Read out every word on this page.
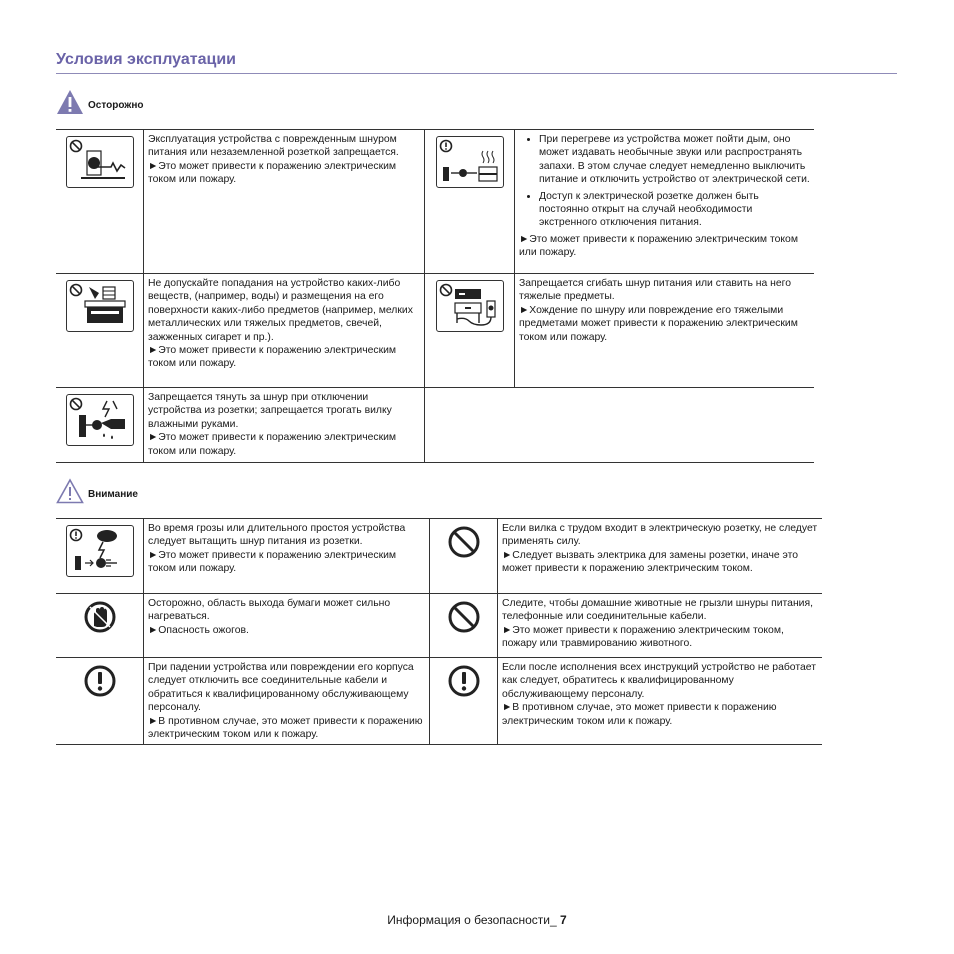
Условия эксплуатации
Осторожно

Эксплуатация устройства с поврежденным шнуром питания или незаземленной розеткой запрещается.
►Это может привести к поражению электрическим током или пожару.

• При перегреве из устройства может пойти дым, оно может издавать необычные звуки или распространять запахи. В этом случае следует немедленно выключить питание и отключить устройство от электрической сети.
• Доступ к электрической розетке должен быть постоянно открыт на случай необходимости экстренного отключения питания.

►Это может привести к поражению электрическим током или пожару.

Не допускайте попадания на устройство каких-либо веществ, (например, воды) и размещения на его поверхности каких-либо предметов (например, мелких металлических или тяжелых предметов, свечей, зажженных сигарет и пр.).
►Это может привести к поражению электрическим током или пожару.

Запрещается сгибать шнур питания или ставить на него тяжелые предметы.
►Хождение по шнуру или повреждение его тяжелыми предметами может привести к поражению электрическим током или пожару.

Запрещается тянуть за шнур при отключении устройства из розетки; запрещается трогать вилку влажными руками.
►Это может привести к поражению электрическим током или пожару.

Внимание

Во время грозы или длительного простоя устройства следует вытащить шнур питания из розетки.
►Это может привести к поражению электрическим током или пожару.

Если вилка с трудом входит в электрическую розетку, не следует применять силу.
►Следует вызвать электрика для замены розетки, иначе это может привести к поражению электрическим током.

Осторожно, область выхода бумаги может сильно нагреваться.
►Опасность ожогов.

Следите, чтобы домашние животные не грызли шнуры питания, телефонные или соединительные кабели.
►Это может привести к поражению электрическим током, пожару или травмированию животного.

При падении устройства или повреждении его корпуса следует отключить все соединительные кабели и обратиться к квалифицированному обслуживающему персоналу.
►В противном случае, это может привести к поражению электрическим током или к пожару.

Если после исполнения всех инструкций устройство не работает как следует, обратитесь к квалифицированному обслуживающему персоналу.
►В противном случае, это может привести к поражению электрическим током или к пожару.

Информация о безопасности_ 7
